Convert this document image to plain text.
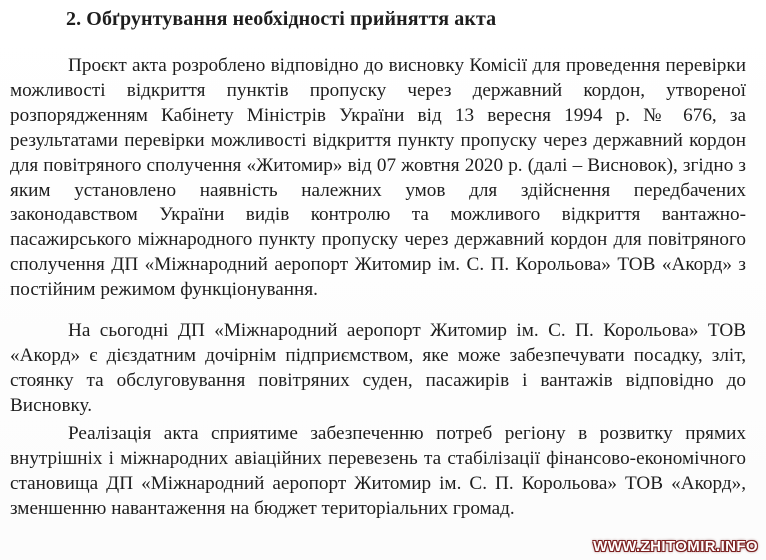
2. Обґрунтування необхідності прийняття акта

Проєкт акта розроблено відповідно до висновку Комісії для проведення перевірки можливості відкриття пунктів пропуску через державний кордон, утвореної розпорядженням Кабінету Міністрів України від 13 вересня 1994 р. № 676, за результатами перевірки можливості відкриття пункту пропуску через державний кордон для повітряного сполучення «Житомир» від 07 жовтня 2020 р. (далі – Висновок), згідно з яким установлено наявність належних умов для здійснення передбачених законодавством України видів контролю та можливого відкриття вантажно-пасажирського міжнародного пункту пропуску через державний кордон для повітряного сполучення ДП «Міжнародний аеропорт Житомир ім. С. П. Корольова» ТОВ «Акорд» з постійним режимом функціонування.

На сьогодні ДП «Міжнародний аеропорт Житомир ім. С. П. Корольова» ТОВ «Акорд» є дієздатним дочірнім підприємством, яке може забезпечувати посадку, зліт, стоянку та обслуговування повітряних суден, пасажирів і вантажів відповідно до Висновку.

Реалізація акта сприятиме забезпеченню потреб регіону в розвитку прямих внутрішніх і міжнародних авіаційних перевезень та стабілізації фінансово-економічного становища ДП «Міжнародний аеропорт Житомир ім. С. П. Корольова» ТОВ «Акорд», зменшенню навантаження на бюджет територіальних громад.

WWW.ZHITOMIR.INFO
